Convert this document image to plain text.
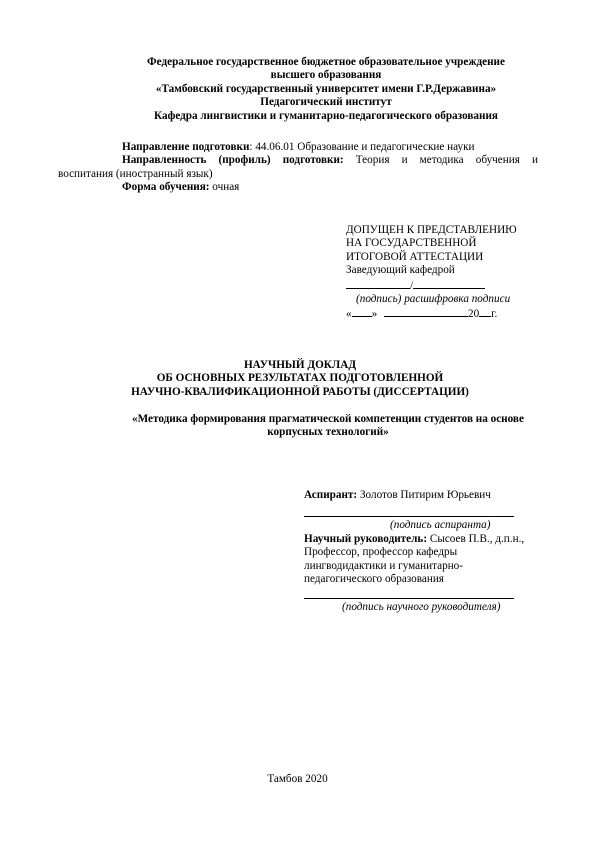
Федеральное государственное бюджетное образовательное учреждение
высшего образования
«Тамбовский государственный университет имени Г.Р.Державина»
Педагогический институт
Кафедра лингвистики и гуманитарно-педагогического образования
Направление подготовки: 44.06.01 Образование и педагогические науки
Направленность (профиль) подготовки: Теория и методика обучения и
воспитания (иностранный язык)
Форма обучения: очная
ДОПУЩЕН К ПРЕДСТАВЛЕНИЮ
НА ГОСУДАРСТВЕННОЙ
ИТОГОВОЙ АТТЕСТАЦИИ
Заведующий кафедрой
/
(подпись) расшифровка подписи
« »	20 г.
НАУЧНЫЙ ДОКЛАД
ОБ ОСНОВНЫХ РЕЗУЛЬТАТАХ ПОДГОТОВЛЕННОЙ
НАУЧНО-КВАЛИФИКАЦИОННОЙ РАБОТЫ (ДИССЕРТАЦИИ)
«Методика формирования прагматической компетенции студентов на основе
корпусных технологий»
Аспирант: Золотов Питирим Юрьевич
(подпись аспиранта)
Научный руководитель: Сысоев П.В., д.п.н.,
Профессор, профессор кафедры
лингводидактики и гуманитарно-
педагогического образования
(подпись научного руководителя)
Тамбов 2020
